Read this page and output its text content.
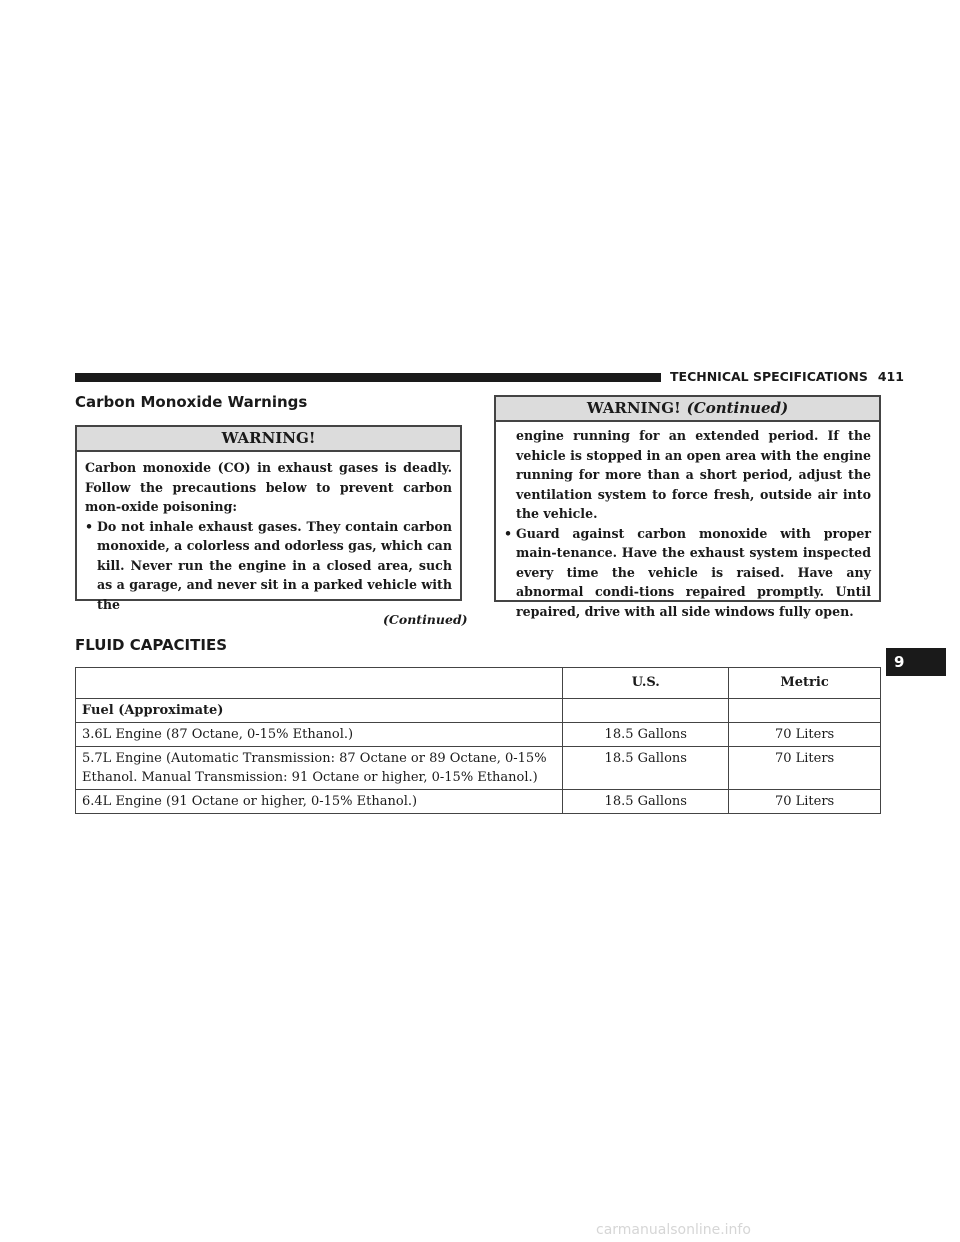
TECHNICAL SPECIFICATIONS 411
Carbon Monoxide Warnings
WARNING!

Carbon monoxide (CO) in exhaust gases is deadly. Follow the precautions below to prevent carbon mon-oxide poisoning:

• Do not inhale exhaust gases. They contain carbon monoxide, a colorless and odorless gas, which can kill. Never run the engine in a closed area, such as a garage, and never sit in a parked vehicle with the
(Continued)
WARNING! (Continued)
engine running for an extended period. If the vehicle is stopped in an open area with the engine running for more than a short period, adjust the ventilation system to force fresh, outside air into the vehicle.
• Guard against carbon monoxide with proper main-tenance. Have the exhaust system inspected every time the vehicle is raised. Have any abnormal condi-tions repaired promptly. Until repaired, drive with all side windows fully open.
FLUID CAPACITIES
	U.S.	Metric
Fuel (Approximate)		
3.6L Engine (87 Octane, 0-15% Ethanol.)	18.5 Gallons	70 Liters
5.7L Engine (Automatic Transmission: 87 Octane or 89 Octane, 0-15% Ethanol. Manual Transmission: 91 Octane or higher, 0-15% Ethanol.)	18.5 Gallons	70 Liters
6.4L Engine (91 Octane or higher, 0-15% Ethanol.)	18.5 Gallons	70 Liters
9
carmanualsonline.info
